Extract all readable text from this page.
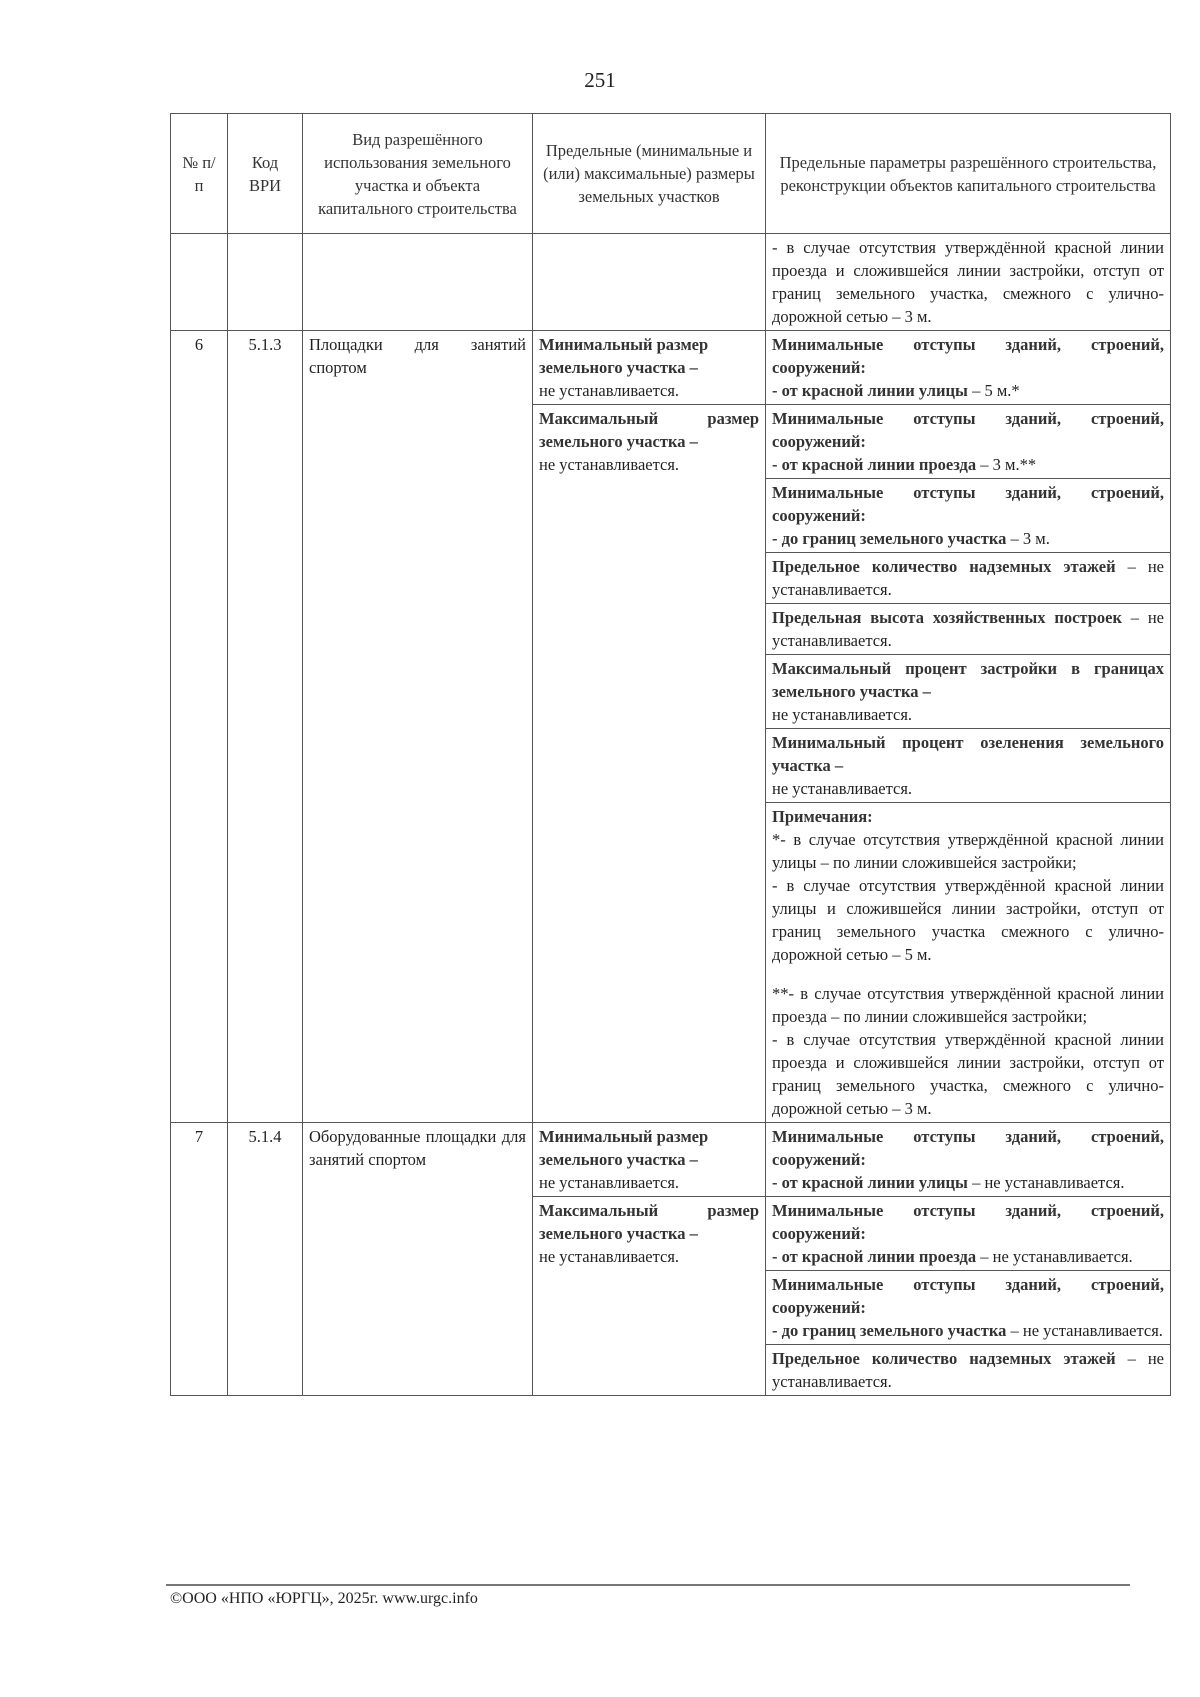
251
№ п/п	Код ВРИ	Вид разрешённого использования земельного участка и объекта капитального строительства	Предельные (минимальные и (или) максимальные) размеры земельных участков	Предельные параметры разрешённого строительства, реконструкции объектов капитального строительства
				- в случае отсутствия утверждённой красной линии проезда и сложившейся линии застройки, отступ от границ земельного участка, смежного с улично-дорожной сетью – 3 м.
6	5.1.3	Площадки для занятий спортом	Минимальный размер земельного участка –
не устанавливается.	Минимальные отступы зданий, строений, сооружений:
- от красной линии улицы – 5 м.*
			Максимальный размер земельного участка –
не устанавливается.	Минимальные отступы зданий, строений, сооружений:
- от красной линии проезда – 3 м.**
				Минимальные отступы зданий, строений, сооружений:
- до границ земельного участка – 3 м.
				Предельное количество надземных этажей – не устанавливается.
				Предельная высота хозяйственных построек – не устанавливается.
				Максимальный процент застройки в границах земельного участка –
не устанавливается.
				Минимальный процент озеленения земельного участка –
не устанавливается.
				Примечания:
*- в случае отсутствия утверждённой красной линии улицы – по линии сложившейся застройки;
- в случае отсутствия утверждённой красной линии улицы и сложившейся линии застройки, отступ от границ земельного участка смежного с улично-дорожной сетью – 5 м.
**- в случае отсутствия утверждённой красной линии проезда – по линии сложившейся застройки;
- в случае отсутствия утверждённой красной линии проезда и сложившейся линии застройки, отступ от границ земельного участка, смежного с улично-дорожной сетью – 3 м.

7	5.1.4	Оборудованные площадки для занятий спортом	Минимальный размер земельного участка –
не устанавливается.	Минимальные отступы зданий, строений, сооружений:
- от красной линии улицы – не устанавливается.
			Максимальный размер земельного участка –
не устанавливается.	Минимальные отступы зданий, строений, сооружений:
- от красной линии проезда – не устанавливается.
				Минимальные отступы зданий, строений, сооружений:
- до границ земельного участка – не устанавливается.
				Предельное количество надземных этажей – не устанавливается.
©ООО «НПО «ЮРГЦ», 2025г. www.urgc.info
